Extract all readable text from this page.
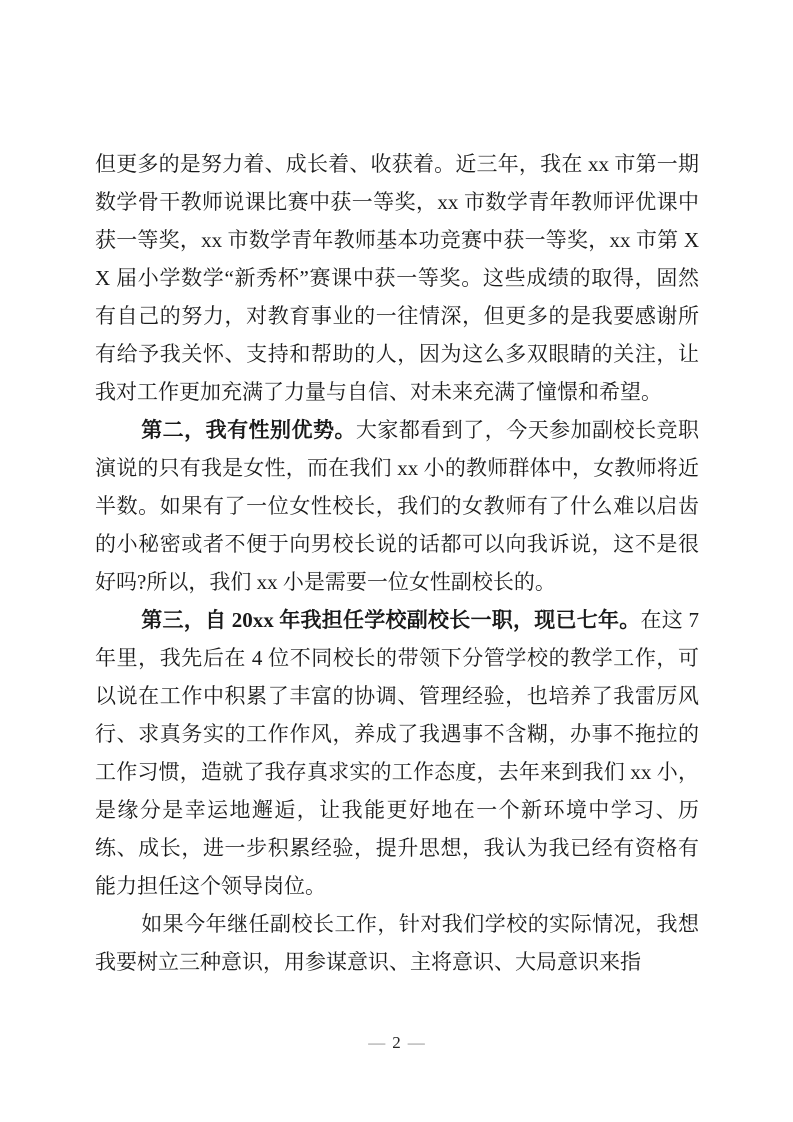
但更多的是努力着、成长着、收获着。近三年，我在 xx 市第一期数学骨干教师说课比赛中获一等奖，xx 市数学青年教师评优课中获一等奖，xx 市数学青年教师基本功竞赛中获一等奖，xx 市第 XX 届小学数学“新秀杯”赛课中获一等奖。这些成绩的取得，固然有自己的努力，对教育事业的一往情深，但更多的是我要感谢所有给予我关怀、支持和帮助的人，因为这么多双眼睛的关注，让我对工作更加充满了力量与自信、对未来充满了憧憬和希望。

第二，我有性别优势。大家都看到了，今天参加副校长竞职演说的只有我是女性，而在我们 xx 小的教师群体中，女教师将近半数。如果有了一位女性校长，我们的女教师有了什么难以启齿的小秘密或者不便于向男校长说的话都可以向我诉说，这不是很好吗?所以，我们 xx 小是需要一位女性副校长的。

第三，自 20xx 年我担任学校副校长一职，现已七年。在这 7 年里，我先后在 4 位不同校长的带领下分管学校的教学工作，可以说在工作中积累了丰富的协调、管理经验，也培养了我雷厉风行、求真务实的工作作风，养成了我遇事不含糊，办事不拖拉的工作习惯，造就了我存真求实的工作态度，去年来到我们 xx 小，是缘分是幸运地邂逅，让我能更好地在一个新环境中学习、历练、成长，进一步积累经验，提升思想，我认为我已经有资格有能力担任这个领导岗位。

如果今年继任副校长工作，针对我们学校的实际情况，我想我要树立三种意识，用参谋意识、主将意识、大局意识来指

— 2 —
